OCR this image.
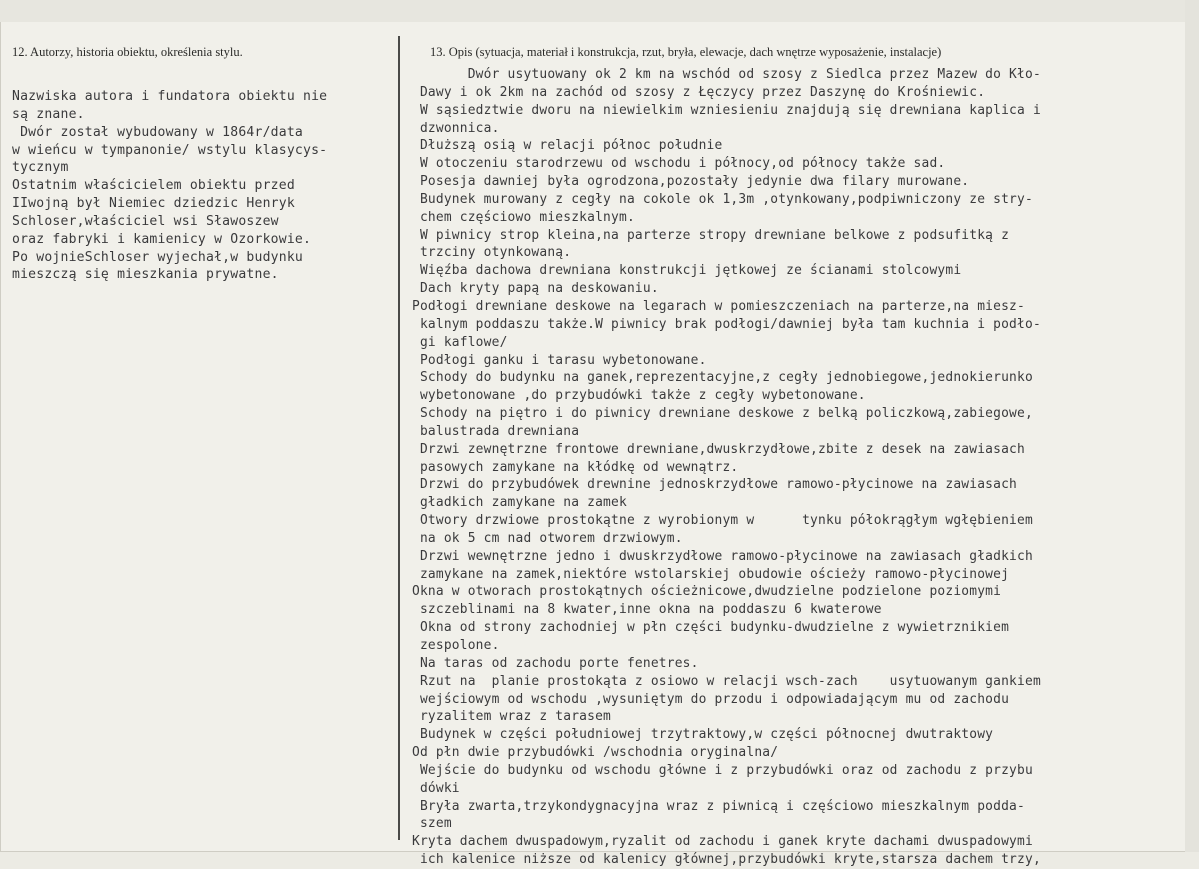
12. Autorzy, historia obiektu, określenia stylu.	13. Opis (sytuacja, materiał i konstrukcja, rzut, bryła, elewacje, dach wnętrze wyposażenie, instalacje)
Nazwiska autora i fundatora obiektu nie
są znane.
Dwór został wybudowany w 1864r/data
w wieńcu w tympanonie/ wstylu klasycys-
tycznym
Ostatnim właścicielem obiektu przed
IIwojną był Niemiec dziedzic Henryk
Schloser,właściciel wsi Sławoszew
oraz fabryki i kamienicy w Ozorkowie.
Po wojnieSchloser wyjechał,w budynku
mieszczą się mieszkania prywatne.
Dwór usytuowany ok 2 km na wschód od szosy z Siedlca przez Mazew do Kło-
Dawy i ok 2km na zachód od szosy z Łęczycy przez Daszynę do Krośniewic.
W sąsiedztwie dworu na niewielkim wzniesieniu znajdują się drewniana kaplica i
dzwonnica.
Dłuższą osią w relacji północ południe
W otoczeniu starodrzewu od wschodu i północy,od północy także sad.
Posesja dawniej była ogrodzona,pozostały jedynie dwa filary murowane.
Budynek murowany z cegły na cokole ok 1,3m ,otynkowany,podpiwniczony ze stry-
chem częściowo mieszkalnym.
W piwnicy strop kleina,na parterze stropy drewniane belkowe z podsufitką z
trzciny otynkowaną.
Więźba dachowa drewniana konstrukcji jętkowej ze ścianami stolcowymi
Dach kryty papą na deskowaniu.
Podłogi drewniane deskowe na legarach w pomieszczeniach na parterze,na miesz-
kalnym poddaszu także.W piwnicy brak podłogi/dawniej była tam kuchnia i podło-
gi kaflowe/
Podłogi ganku i tarasu wybetonowane.
Schody do budynku na ganek,reprezentacyjne,z cegły jednobiegowe,jednokierunko
wybetonowane ,do przybudówki także z cegły wybetonowane.
Schody na piętro i do piwnicy drewniane deskowe z belką policzkową,zabiegowe,
balustrada drewniana
Drzwi zewnętrzne frontowe drewniane,dwuskrzydłowe,zbite z desek na zawiasach
pasowych zamykane na kłódkę od wewnątrz.
Drzwi do przybudówek drewnine jednoskrzydłowe ramowo-płycinowe na zawiasach
gładkich zamykane na zamek
Otwory drzwiowe prostokątne z wyrobionym w      tynku półokrągłym wgłębieniem
na ok 5 cm nad otworem drzwiowym.
Drzwi wewnętrzne jedno i dwuskrzydłowe ramowo-płycinowe na zawiasach gładkich
zamykane na zamek,niektóre wstolarskiej obudowie ościeży ramowo-płycinowej
Okna w otworach prostokątnych ościeżnicowe,dwudzielne podzielone poziomymi
szczeblinami na 8 kwater,inne okna na poddaszu 6 kwaterowe
Okna od strony zachodniej w płn części budynku-dwudzielne z wywietrznikiem
zespolone.
Na taras od zachodu porte fenetres.
Rzut na  planie prostokąta z osiowo w relacji wsch-zach    usytuowanym gankiem
wejściowym od wschodu ,wysuniętym do przodu i odpowiadającym mu od zachodu
ryzalitem wraz z tarasem
Budynek w części południowej trzytraktowy,w części północnej dwutraktowy
Od płn dwie przybudówki /wschodnia oryginalna/
Wejście do budynku od wschodu główne i z przybudówki oraz od zachodu z przybu
dówki
Bryła zwarta,trzykondygnacyjna wraz z piwnicą i częściowo mieszkalnym podda-
szem
Kryta dachem dwuspadowym,ryzalit od zachodu i ganek kryte dachami dwuspadowymi
ich kalenice niższe od kalenicy głównej,przybudówki kryte,starsza dachem trzy,
